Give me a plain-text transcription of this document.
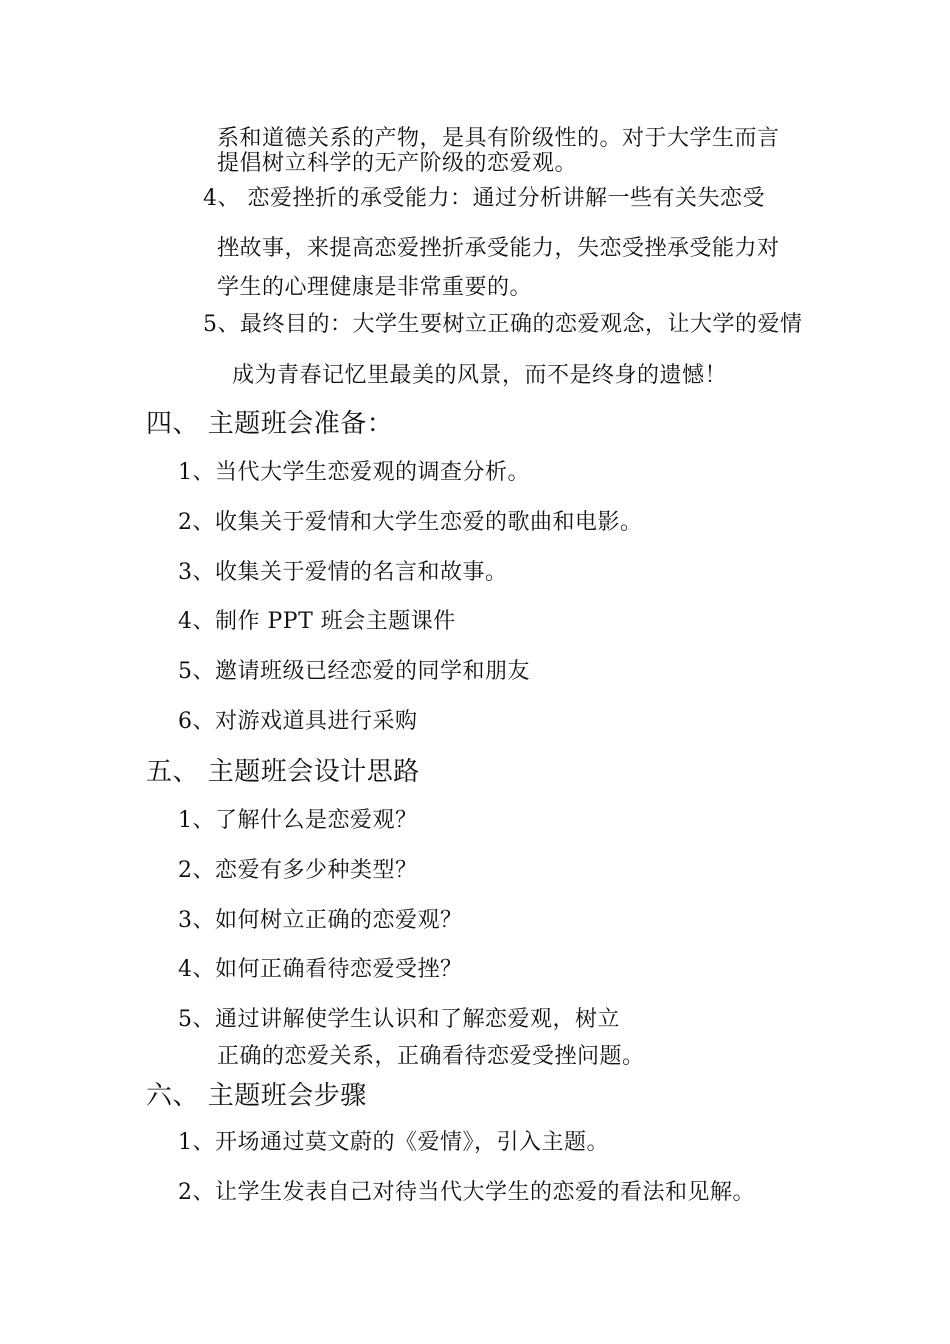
系和道德关系的产物，是具有阶级性的。对于大学生而言
提倡树立科学的无产阶级的恋爱观。
4、 恋爱挫折的承受能力：通过分析讲解一些有关失恋受
挫故事，来提高恋爱挫折承受能力，失恋受挫承受能力对
学生的心理健康是非常重要的。
5、最终目的：大学生要树立正确的恋爱观念，让大学的爱情
成为青春记忆里最美的风景，而不是终身的遗憾！
四、 主题班会准备：
1、当代大学生恋爱观的调查分析。
2、收集关于爱情和大学生恋爱的歌曲和电影。
3、收集关于爱情的名言和故事。
4、制作 PPT 班会主题课件
5、邀请班级已经恋爱的同学和朋友
6、对游戏道具进行采购
五、 主题班会设计思路
1、了解什么是恋爱观？
2、恋爱有多少种类型？
3、如何树立正确的恋爱观？
4、如何正确看待恋爱受挫？
5、通过讲解使学生认识和了解恋爱观，树立
正确的恋爱关系，正确看待恋爱受挫问题。
六、 主题班会步骤
1、开场通过莫文蔚的《爱情》，引入主题。
2、让学生发表自己对待当代大学生的恋爱的看法和见解。
